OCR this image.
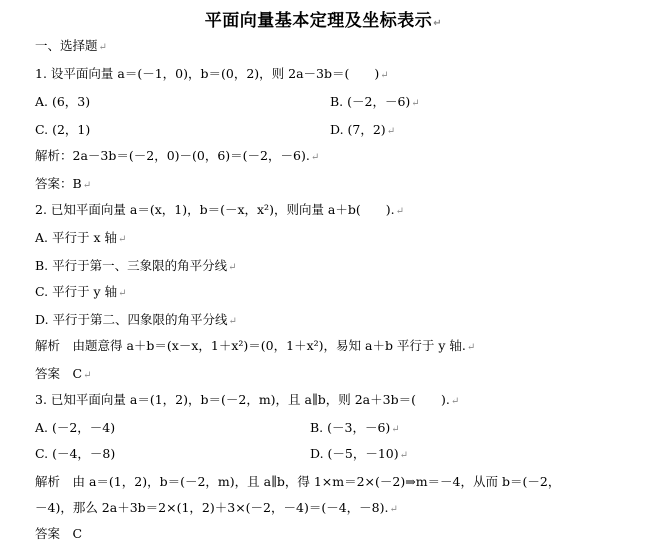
平面向量基本定理及坐标表示↵
一、选择题↵
1. 设平面向量 a＝(－1，0)，b＝(0，2)，则 2a－3b＝(　　)↵
A. (6，3)	B. (－2，－6)↵
C. (2，1)	D. (7，2)↵
解析：2a－3b＝(－2，0)－(0，6)＝(－2，－6).↵
答案：B↵
2. 已知平面向量 a＝(x，1)，b＝(－x，x²)，则向量 a＋b(　　).↵
A. 平行于 x 轴↵
B. 平行于第一、三象限的角平分线↵
C. 平行于 y 轴↵
D. 平行于第二、四象限的角平分线↵
解析　由题意得 a＋b＝(x－x，1＋x²)＝(0，1＋x²)，易知 a＋b 平行于 y 轴.↵
答案　C↵
3. 已知平面向量 a＝(1，2)，b＝(－2，m)，且 a∥b，则 2a＋3b＝(　　).↵
A. (－2，－4)	B. (－3，－6)↵
C. (－4，－8)	D. (－5，－10)↵
解析　由 a＝(1，2)，b＝(－2，m)，且 a∥b，得 1×m＝2×(－2)⇒m＝－4，从而 b＝(－2，
－4)，那么 2a＋3b＝2×(1，2)＋3×(－2，－4)＝(－4，－8).↵
答案　C
